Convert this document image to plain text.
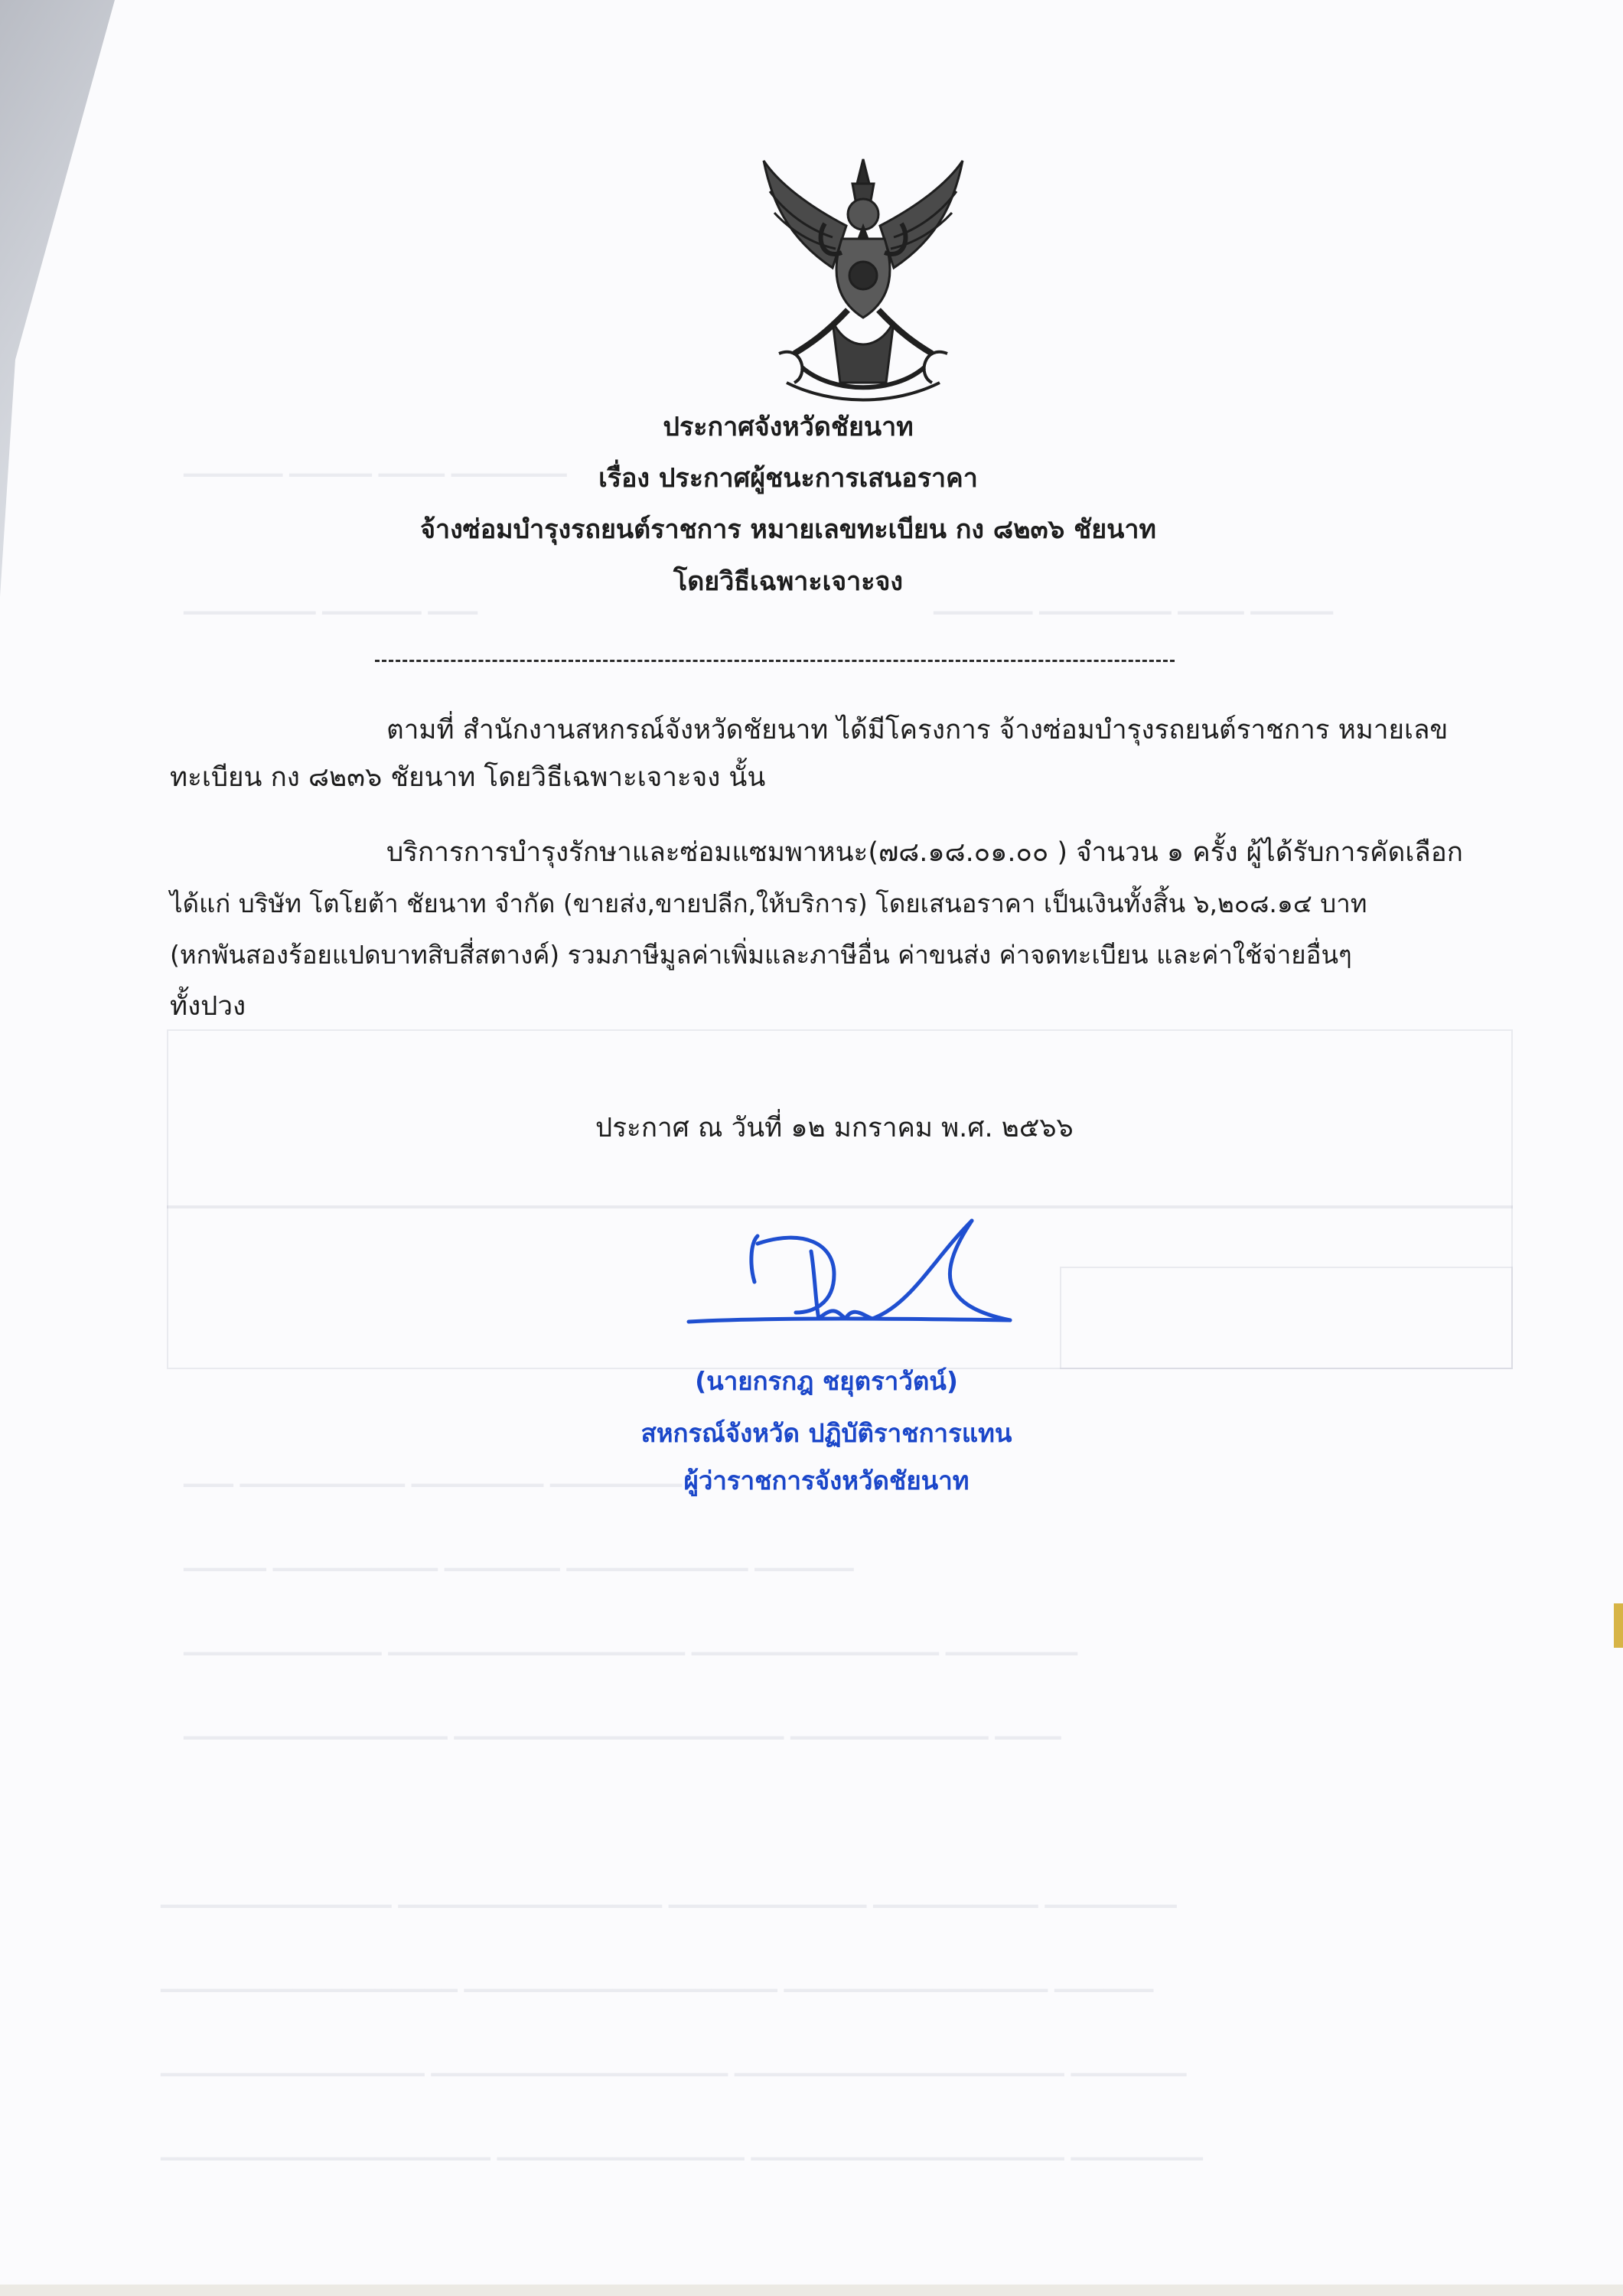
▁▁▁▁▁▁ ▁▁▁▁▁ ▁▁▁▁ ▁▁▁▁▁▁▁
▁▁▁▁▁▁▁▁ ▁▁▁▁▁▁ ▁▁▁	▁▁▁▁▁▁ ▁▁▁▁▁▁▁▁ ▁▁▁▁ ▁▁▁▁▁
▁▁▁ ▁▁▁▁▁▁▁▁▁▁ ▁▁▁▁▁▁▁▁ ▁▁▁▁▁▁▁▁
▁▁▁▁▁ ▁▁▁▁▁▁▁▁▁▁ ▁▁▁▁▁▁▁ ▁▁▁▁▁▁▁▁▁▁▁ ▁▁▁▁▁▁
▁▁▁▁▁▁▁▁▁▁▁▁ ▁▁▁▁▁▁▁▁▁▁▁▁▁▁▁▁▁▁ ▁▁▁▁▁▁▁▁▁▁▁▁▁▁▁ ▁▁▁▁▁▁▁▁
▁▁▁▁▁▁▁▁▁▁▁▁▁▁▁▁ ▁▁▁▁▁▁▁▁▁▁▁▁▁▁▁▁▁▁▁▁ ▁▁▁▁▁▁▁▁▁▁▁▁ ▁▁▁▁
▁▁▁▁▁▁▁▁▁▁▁▁▁▁ ▁▁▁▁▁▁▁▁▁▁▁▁▁▁▁▁ ▁▁▁▁▁▁▁▁▁▁▁▁ ▁▁▁▁▁▁▁▁▁▁ ▁▁▁▁▁▁▁▁
▁▁▁▁▁▁▁▁▁▁▁▁▁▁▁▁▁▁ ▁▁▁▁▁▁▁▁▁▁▁▁▁▁▁▁▁▁▁ ▁▁▁▁▁▁▁▁▁▁▁▁▁▁▁▁ ▁▁▁▁▁▁
▁▁▁▁▁▁▁▁▁▁▁▁▁▁▁▁ ▁▁▁▁▁▁▁▁▁▁▁▁▁▁▁▁▁▁ ▁▁▁▁▁▁▁▁▁▁▁▁▁▁▁▁▁▁▁▁ ▁▁▁▁▁▁▁
▁▁▁▁▁▁▁▁▁▁▁▁▁▁▁▁▁▁▁▁ ▁▁▁▁▁▁▁▁▁▁▁▁▁▁▁ ▁▁▁▁▁▁▁▁▁▁▁▁▁▁▁▁▁▁▁ ▁▁▁▁▁▁▁▁
ประกาศจังหวัดชัยนาท
เรื่อง ประกาศผู้ชนะการเสนอราคา
จ้างซ่อมบำรุงรถยนต์ราชการ หมายเลขทะเบียน กง ๘๒๓๖ ชัยนาท
โดยวิธีเฉพาะเจาะจง
ตามที่ สำนักงานสหกรณ์จังหวัดชัยนาท ได้มีโครงการ จ้างซ่อมบำรุงรถยนต์ราชการ หมายเลข
ทะเบียน กง ๘๒๓๖ ชัยนาท โดยวิธีเฉพาะเจาะจง นั้น
บริการการบำรุงรักษาและซ่อมแซมพาหนะ(๗๘.๑๘.๐๑.๐๐ ) จำนวน ๑ ครั้ง ผู้ได้รับการคัดเลือก
ได้แก่ บริษัท โตโยต้า ชัยนาท จำกัด (ขายส่ง,ขายปลีก,ให้บริการ) โดยเสนอราคา เป็นเงินทั้งสิ้น ๖,๒๐๘.๑๔ บาท
(หกพันสองร้อยแปดบาทสิบสี่สตางค์) รวมภาษีมูลค่าเพิ่มและภาษีอื่น ค่าขนส่ง ค่าจดทะเบียน และค่าใช้จ่ายอื่นๆ
ทั้งปวง
ประกาศ ณ วันที่ ๑๒ มกราคม พ.ศ. ๒๕๖๖
(นายกรกฎ ชยุตราวัตน์)
สหกรณ์จังหวัด ปฏิบัติราชการแทน
ผู้ว่าราชการจังหวัดชัยนาท
